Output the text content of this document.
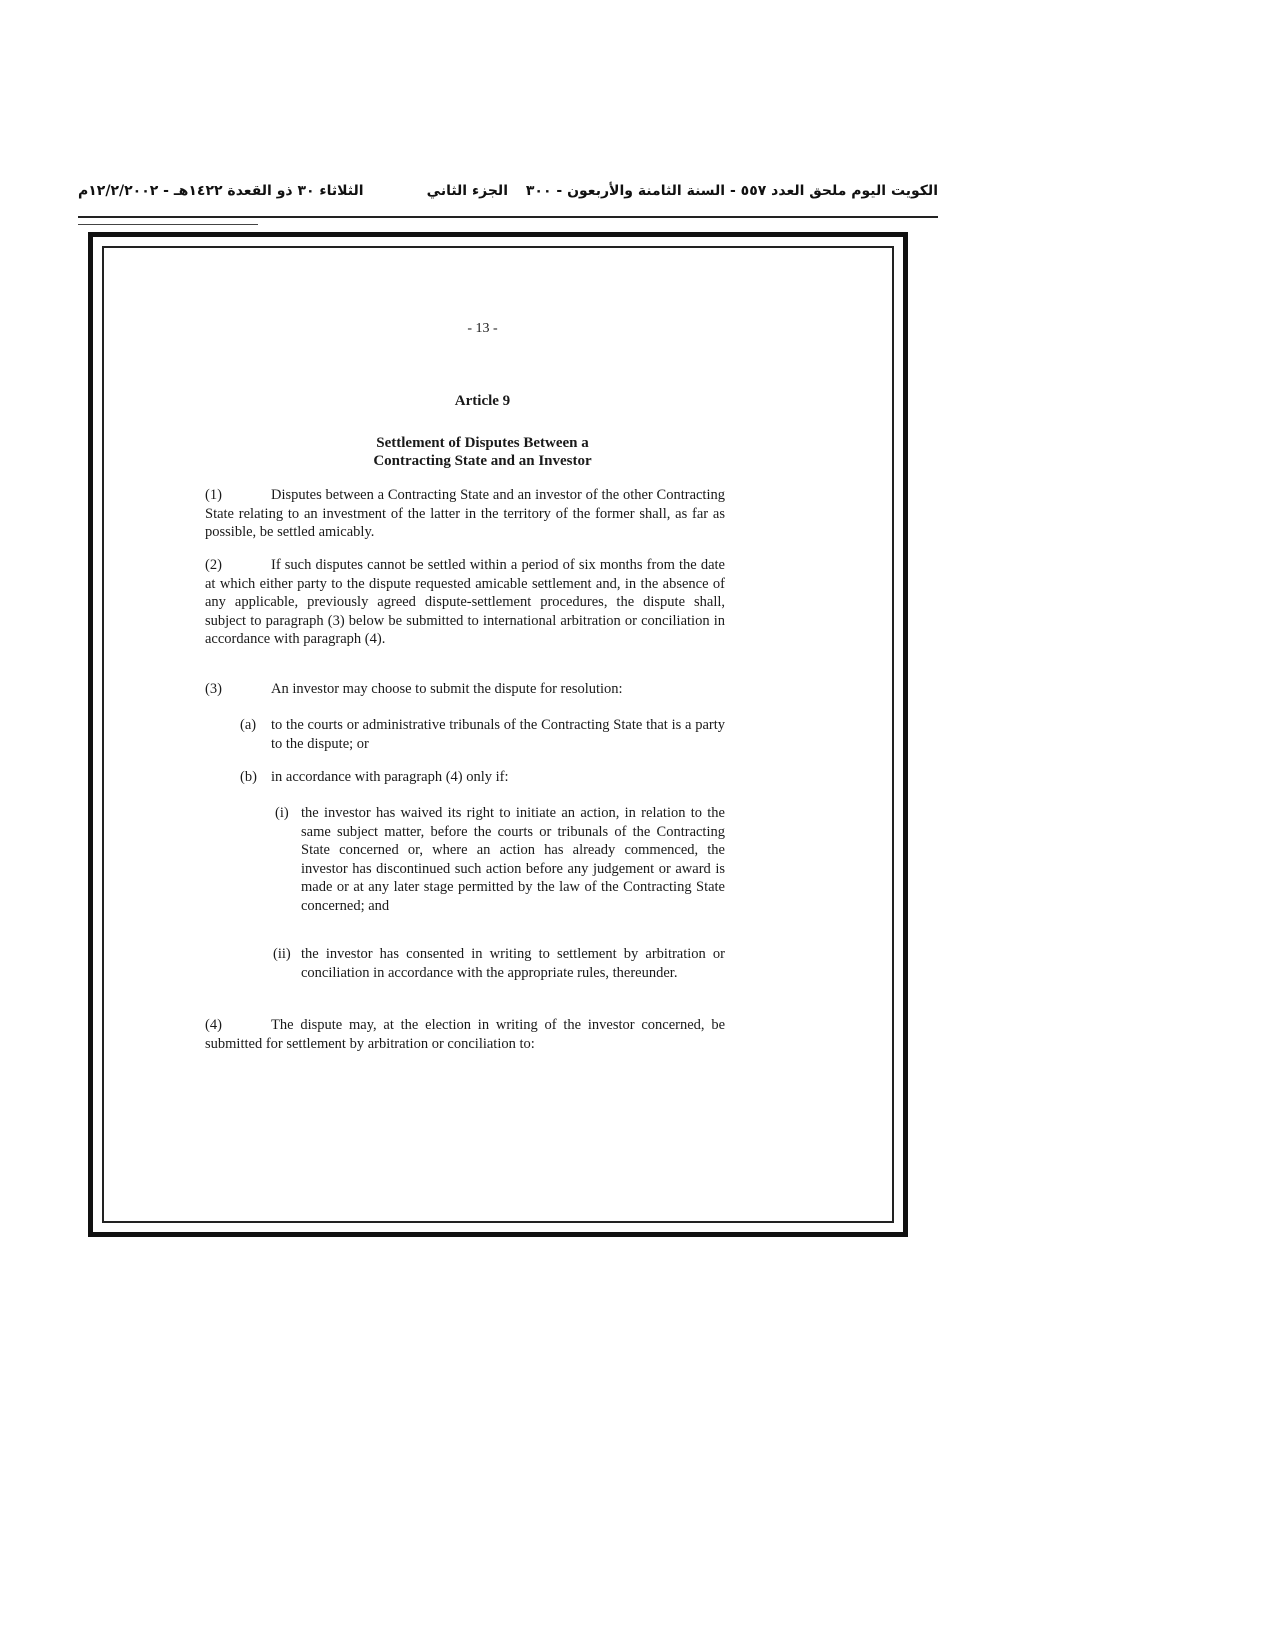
الكويت اليوم ملحق العدد ٥٥٧ - السنة الثامنة والأربعون - ٣٠٠
الجزء الثاني
الثلاثاء ٣٠ ذو القعدة ١٤٢٢هـ - ١٢/٢/٢٠٠٢م
- 13 -
Article 9
Settlement of Disputes Between a
Contracting State and an Investor
(1)	Disputes between a Contracting State and an investor of the other Contracting State relating to an investment of the latter in the territory of the former shall, as far as possible, be settled amicably.
(2)	If such disputes cannot be settled within a period of six months from the date at which either party to the dispute requested amicable settlement and, in the absence of any applicable, previously agreed dispute-settlement procedures, the dispute shall, subject to paragraph (3) below be submitted to international arbitration or conciliation in accordance with paragraph (4).
(3)	An investor may choose to submit the dispute for resolution:
(a) to the courts or administrative tribunals of the Contracting State that is a party to the dispute; or
(b) in accordance with paragraph (4) only if:
(i) the investor has waived its right to initiate an action, in relation to the same subject matter, before the courts or tribunals of the Contracting State concerned or, where an action has already commenced, the investor has discontinued such action before any judgement or award is made or at any later stage permitted by the law of the Contracting State concerned; and
(ii) the investor has consented in writing to settlement by arbitration or conciliation in accordance with the appropriate rules, thereunder.
(4)	The dispute may, at the election in writing of the investor concerned, be submitted for settlement by arbitration or conciliation to:
